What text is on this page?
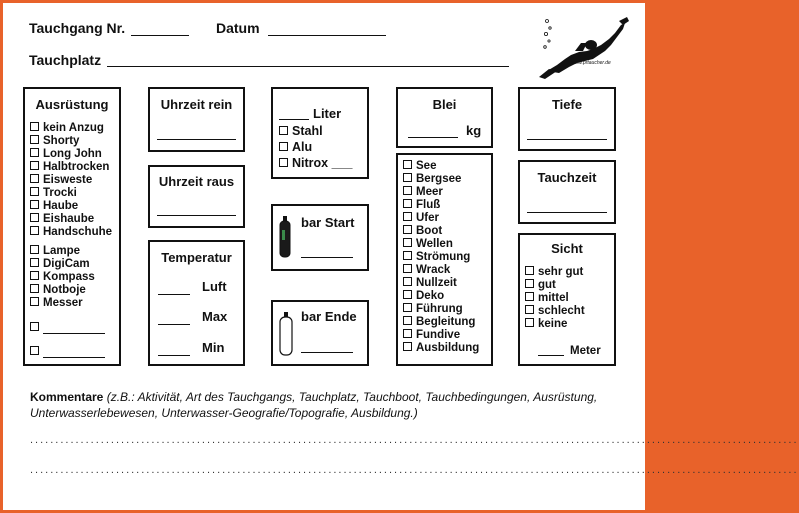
Tauchgang Nr.	Datum
Tauchplatz	www.prtaucher.de
Ausrüstung
kein Anzug
Shorty
Long John
Halbtrocken
Eisweste
Trocki
Haube
Eishaube
Handschuhe
Lampe
DigiCam
Kompass
Notboje
Messer
Uhrzeit rein
Uhrzeit raus
Temperatur
Luft
Max
Min
Liter
Stahl
Alu
Nitrox ___
bar Start
bar Ende
Blei
kg
See
Bergsee
Meer
Fluß
Ufer
Boot
Wellen
Strömung
Wrack
Nullzeit
Deko
Führung
Begleitung
Fundive
Ausbildung
Tiefe
Tauchzeit
Sicht
sehr gut
gut
mittel
schlecht
keine
Meter
Kommentare (z.B.: Aktivität, Art des Tauchgangs, Tauchplatz, Tauchboot, Tauchbedingungen, Ausrüstung, Unterwasserlebewesen, Unterwasser-Geografie/Topografie, Ausbildung.)
........................................................................................................................................................
........................................................................................................................................................
